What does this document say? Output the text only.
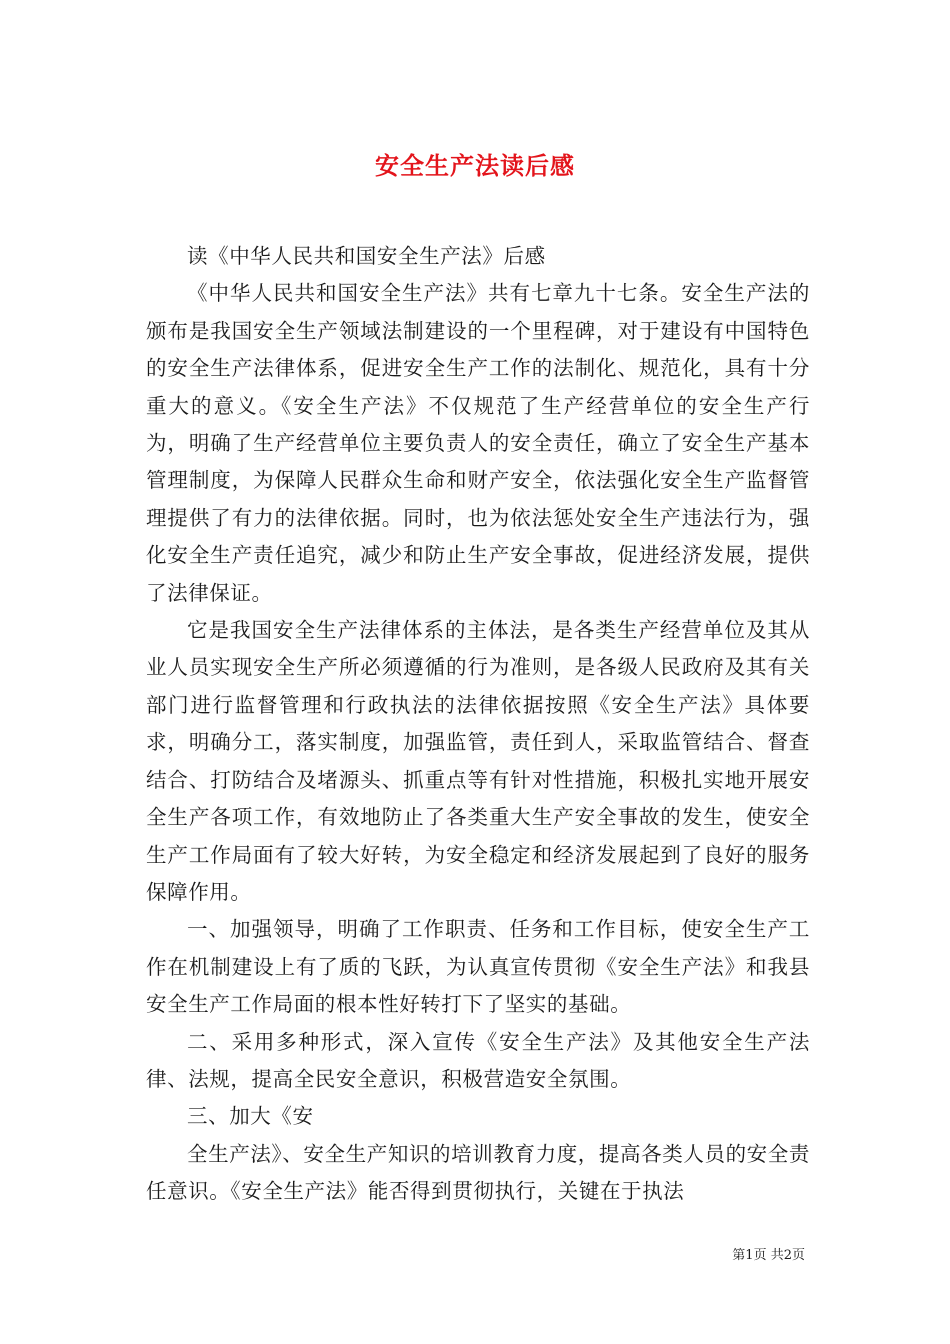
安全生产法读后感

读《中华人民共和国安全生产法》后感

《中华人民共和国安全生产法》共有七章九十七条。安全生产法的颁布是我国安全生产领域法制建设的一个里程碑，对于建设有中国特色的安全生产法律体系，促进安全生产工作的法制化、规范化，具有十分重大的意义。《安全生产法》不仅规范了生产经营单位的安全生产行为，明确了生产经营单位主要负责人的安全责任，确立了安全生产基本管理制度，为保障人民群众生命和财产安全，依法强化安全生产监督管理提供了有力的法律依据。同时，也为依法惩处安全生产违法行为，强化安全生产责任追究，减少和防止生产安全事故，促进经济发展，提供了法律保证。

它是我国安全生产法律体系的主体法，是各类生产经营单位及其从业人员实现安全生产所必须遵循的行为准则，是各级人民政府及其有关部门进行监督管理和行政执法的法律依据按照《安全生产法》具体要求，明确分工，落实制度，加强监管，责任到人，采取监管结合、督查结合、打防结合及堵源头、抓重点等有针对性措施，积极扎实地开展安全生产各项工作，有效地防止了各类重大生产安全事故的发生，使安全生产工作局面有了较大好转，为安全稳定和经济发展起到了良好的服务保障作用。

一、加强领导，明确了工作职责、任务和工作目标，使安全生产工作在机制建设上有了质的飞跃，为认真宣传贯彻《安全生产法》和我县安全生产工作局面的根本性好转打下了坚实的基础。

二、采用多种形式，深入宣传《安全生产法》及其他安全生产法律、法规，提高全民安全意识，积极营造安全氛围。

三、加大《安

全生产法》、安全生产知识的培训教育力度，提高各类人员的安全责任意识。《安全生产法》能否得到贯彻执行，关键在于执法

第1页 共2页
